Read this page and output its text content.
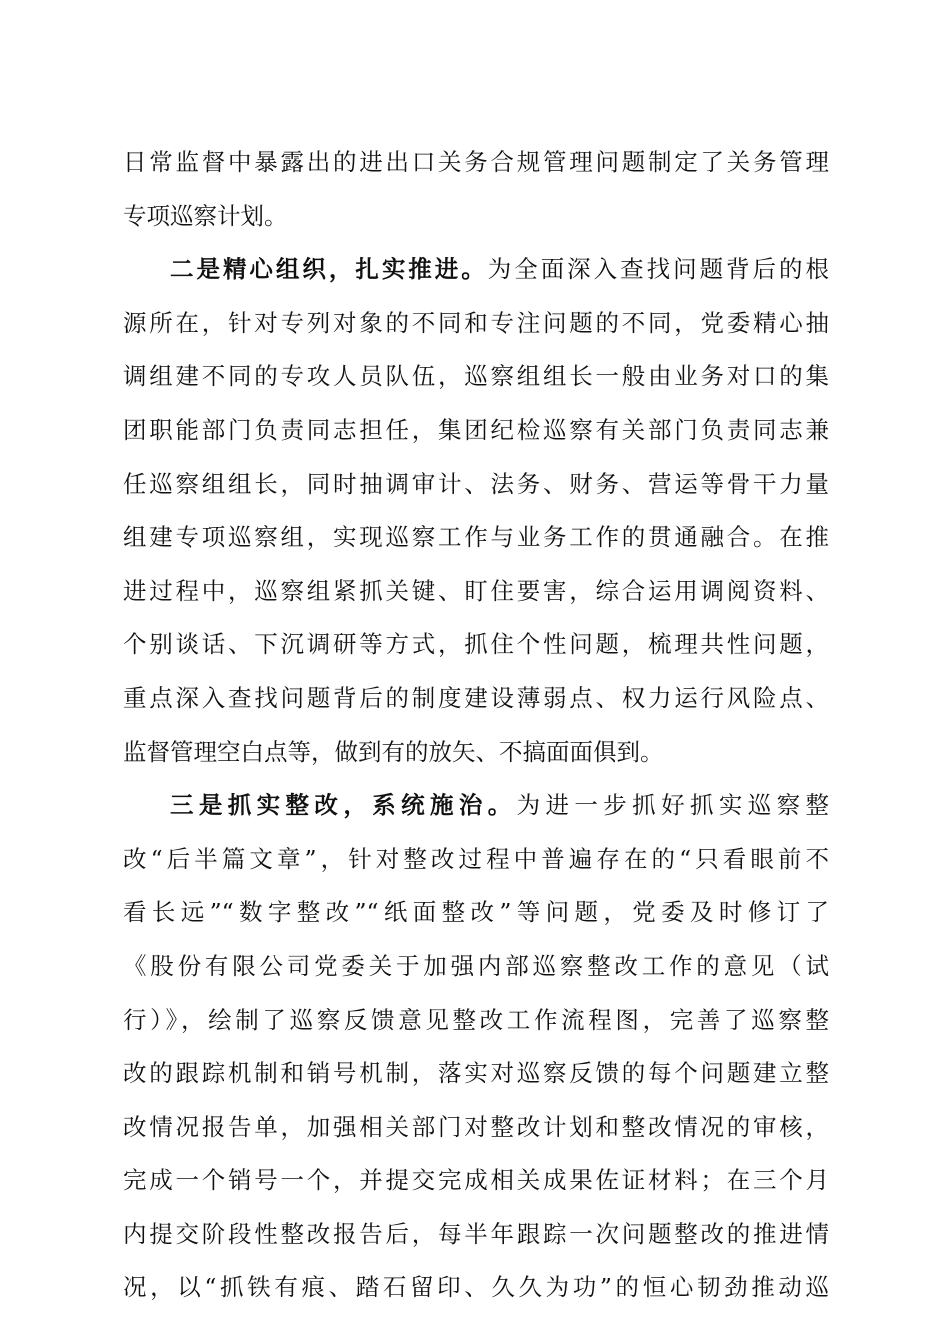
日常监督中暴露出的进出口关务合规管理问题制定了关务管理
专项巡察计划。
二是精心组织，扎实推进。为全面深入查找问题背后的根
源所在，针对专列对象的不同和专注问题的不同，党委精心抽
调组建不同的专攻人员队伍，巡察组组长一般由业务对口的集
团职能部门负责同志担任，集团纪检巡察有关部门负责同志兼
任巡察组组长，同时抽调审计、法务、财务、营运等骨干力量
组建专项巡察组，实现巡察工作与业务工作的贯通融合。在推
进过程中，巡察组紧抓关键、盯住要害，综合运用调阅资料、
个别谈话、下沉调研等方式，抓住个性问题，梳理共性问题，
重点深入查找问题背后的制度建设薄弱点、权力运行风险点、
监督管理空白点等，做到有的放矢、不搞面面俱到。
三是抓实整改，系统施治。为进一步抓好抓实巡察整
改“后半篇文章”，针对整改过程中普遍存在的“只看眼前不
看长远”“数字整改”“纸面整改”等问题，党委及时修订了
《股份有限公司党委关于加强内部巡察整改工作的意见（试
行）》，绘制了巡察反馈意见整改工作流程图，完善了巡察整
改的跟踪机制和销号机制，落实对巡察反馈的每个问题建立整
改情况报告单，加强相关部门对整改计划和整改情况的审核，
完成一个销号一个，并提交完成相关成果佐证材料；在三个月
内提交阶段性整改报告后，每半年跟踪一次问题整改的推进情
况，以“抓铁有痕、踏石留印、久久为功”的恒心韧劲推动巡
